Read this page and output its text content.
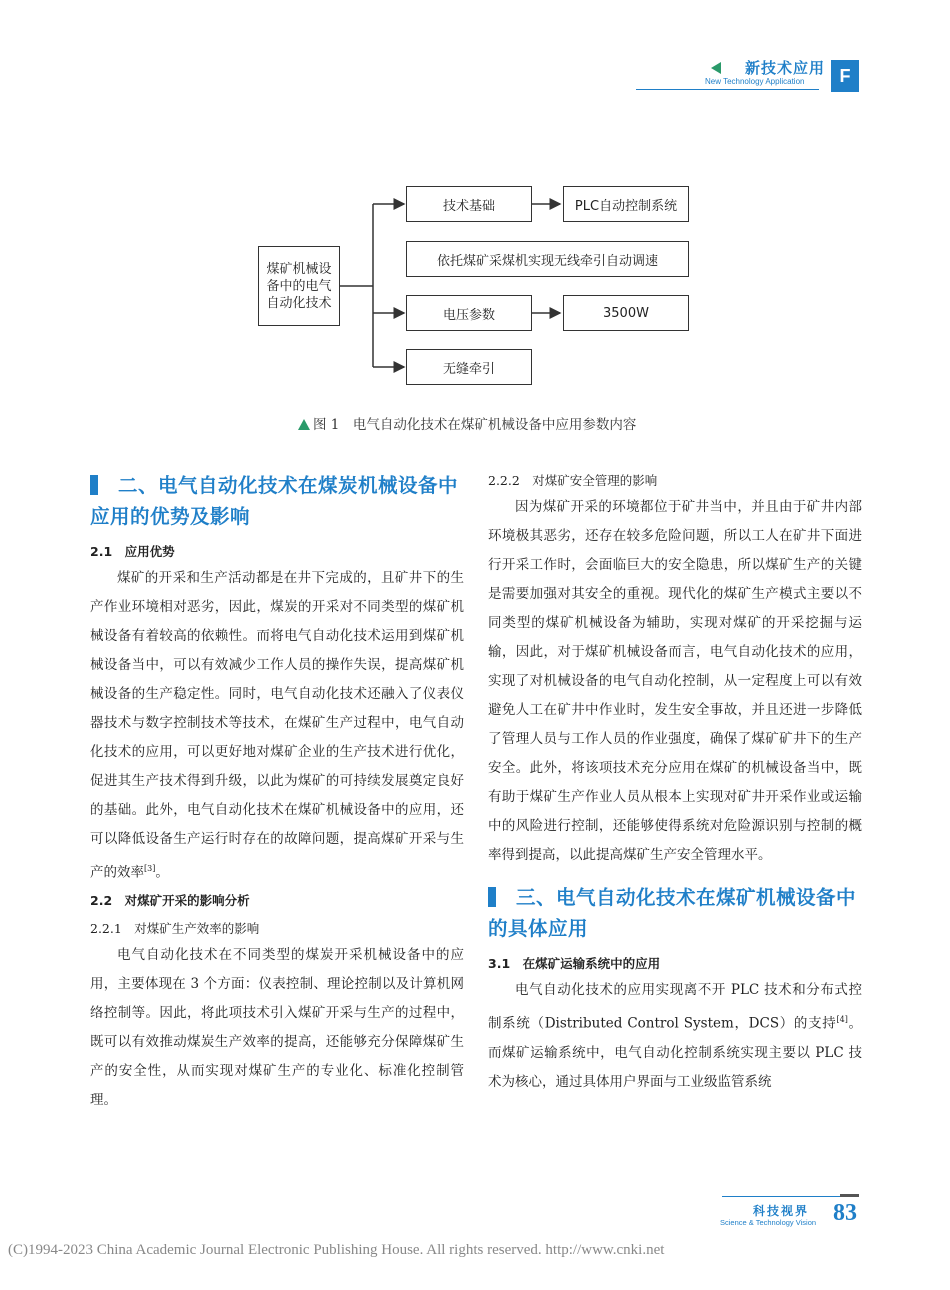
新技术应用
New Technology Application	F
煤矿机械设备中的电气自动化技术
技术基础	PLC自动控制系统
依托煤矿采煤机实现无线牵引自动调速
电压参数	3500W
无缝牵引
图 1　电气自动化技术在煤矿机械设备中应用参数内容
二、电气自动化技术在煤炭机械设备中应用的优势及影响
2.1　应用优势
煤矿的开采和生产活动都是在井下完成的，且矿井下的生产作业环境相对恶劣，因此，煤炭的开采对不同类型的煤矿机械设备有着较高的依赖性。而将电气自动化技术运用到煤矿机械设备当中，可以有效减少工作人员的操作失误，提高煤矿机械设备的生产稳定性。同时，电气自动化技术还融入了仪表仪器技术与数字控制技术等技术，在煤矿生产过程中，电气自动化技术的应用，可以更好地对煤矿企业的生产技术进行优化，促进其生产技术得到升级，以此为煤矿的可持续发展奠定良好的基础。此外，电气自动化技术在煤矿机械设备中的应用，还可以降低设备生产运行时存在的故障问题，提高煤矿开采与生产的效率[3]。
2.2　对煤矿开采的影响分析
2.2.1　对煤矿生产效率的影响
电气自动化技术在不同类型的煤炭开采机械设备中的应用，主要体现在 3 个方面：仪表控制、理论控制以及计算机网络控制等。因此，将此项技术引入煤矿开采与生产的过程中，既可以有效推动煤炭生产效率的提高，还能够充分保障煤矿生产的安全性，从而实现对煤矿生产的专业化、标准化控制管理。
2.2.2　对煤矿安全管理的影响
因为煤矿开采的环境都位于矿井当中，并且由于矿井内部环境极其恶劣，还存在较多危险问题，所以工人在矿井下面进行开采工作时，会面临巨大的安全隐患，所以煤矿生产的关键是需要加强对其安全的重视。现代化的煤矿生产模式主要以不同类型的煤矿机械设备为辅助，实现对煤矿的开采挖掘与运输，因此，对于煤矿机械设备而言，电气自动化技术的应用，实现了对机械设备的电气自动化控制，从一定程度上可以有效避免人工在矿井中作业时，发生安全事故，并且还进一步降低了管理人员与工作人员的作业强度，确保了煤矿矿井下的生产安全。此外，将该项技术充分应用在煤矿的机械设备当中，既有助于煤矿生产作业人员从根本上实现对矿井开采作业或运输中的风险进行控制，还能够使得系统对危险源识别与控制的概率得到提高，以此提高煤矿生产安全管理水平。
三、电气自动化技术在煤矿机械设备中的具体应用
3.1　在煤矿运输系统中的应用
电气自动化技术的应用实现离不开 PLC 技术和分布式控制系统（Distributed Control System，DCS）的支持[4]。而煤矿运输系统中，电气自动化控制系统实现主要以 PLC 技术为核心，通过具体用户界面与工业级监管系统
科技视界
Science & Technology Vision 83
(C)1994-2023 China Academic Journal Electronic Publishing House. All rights reserved. http://www.cnki.net
